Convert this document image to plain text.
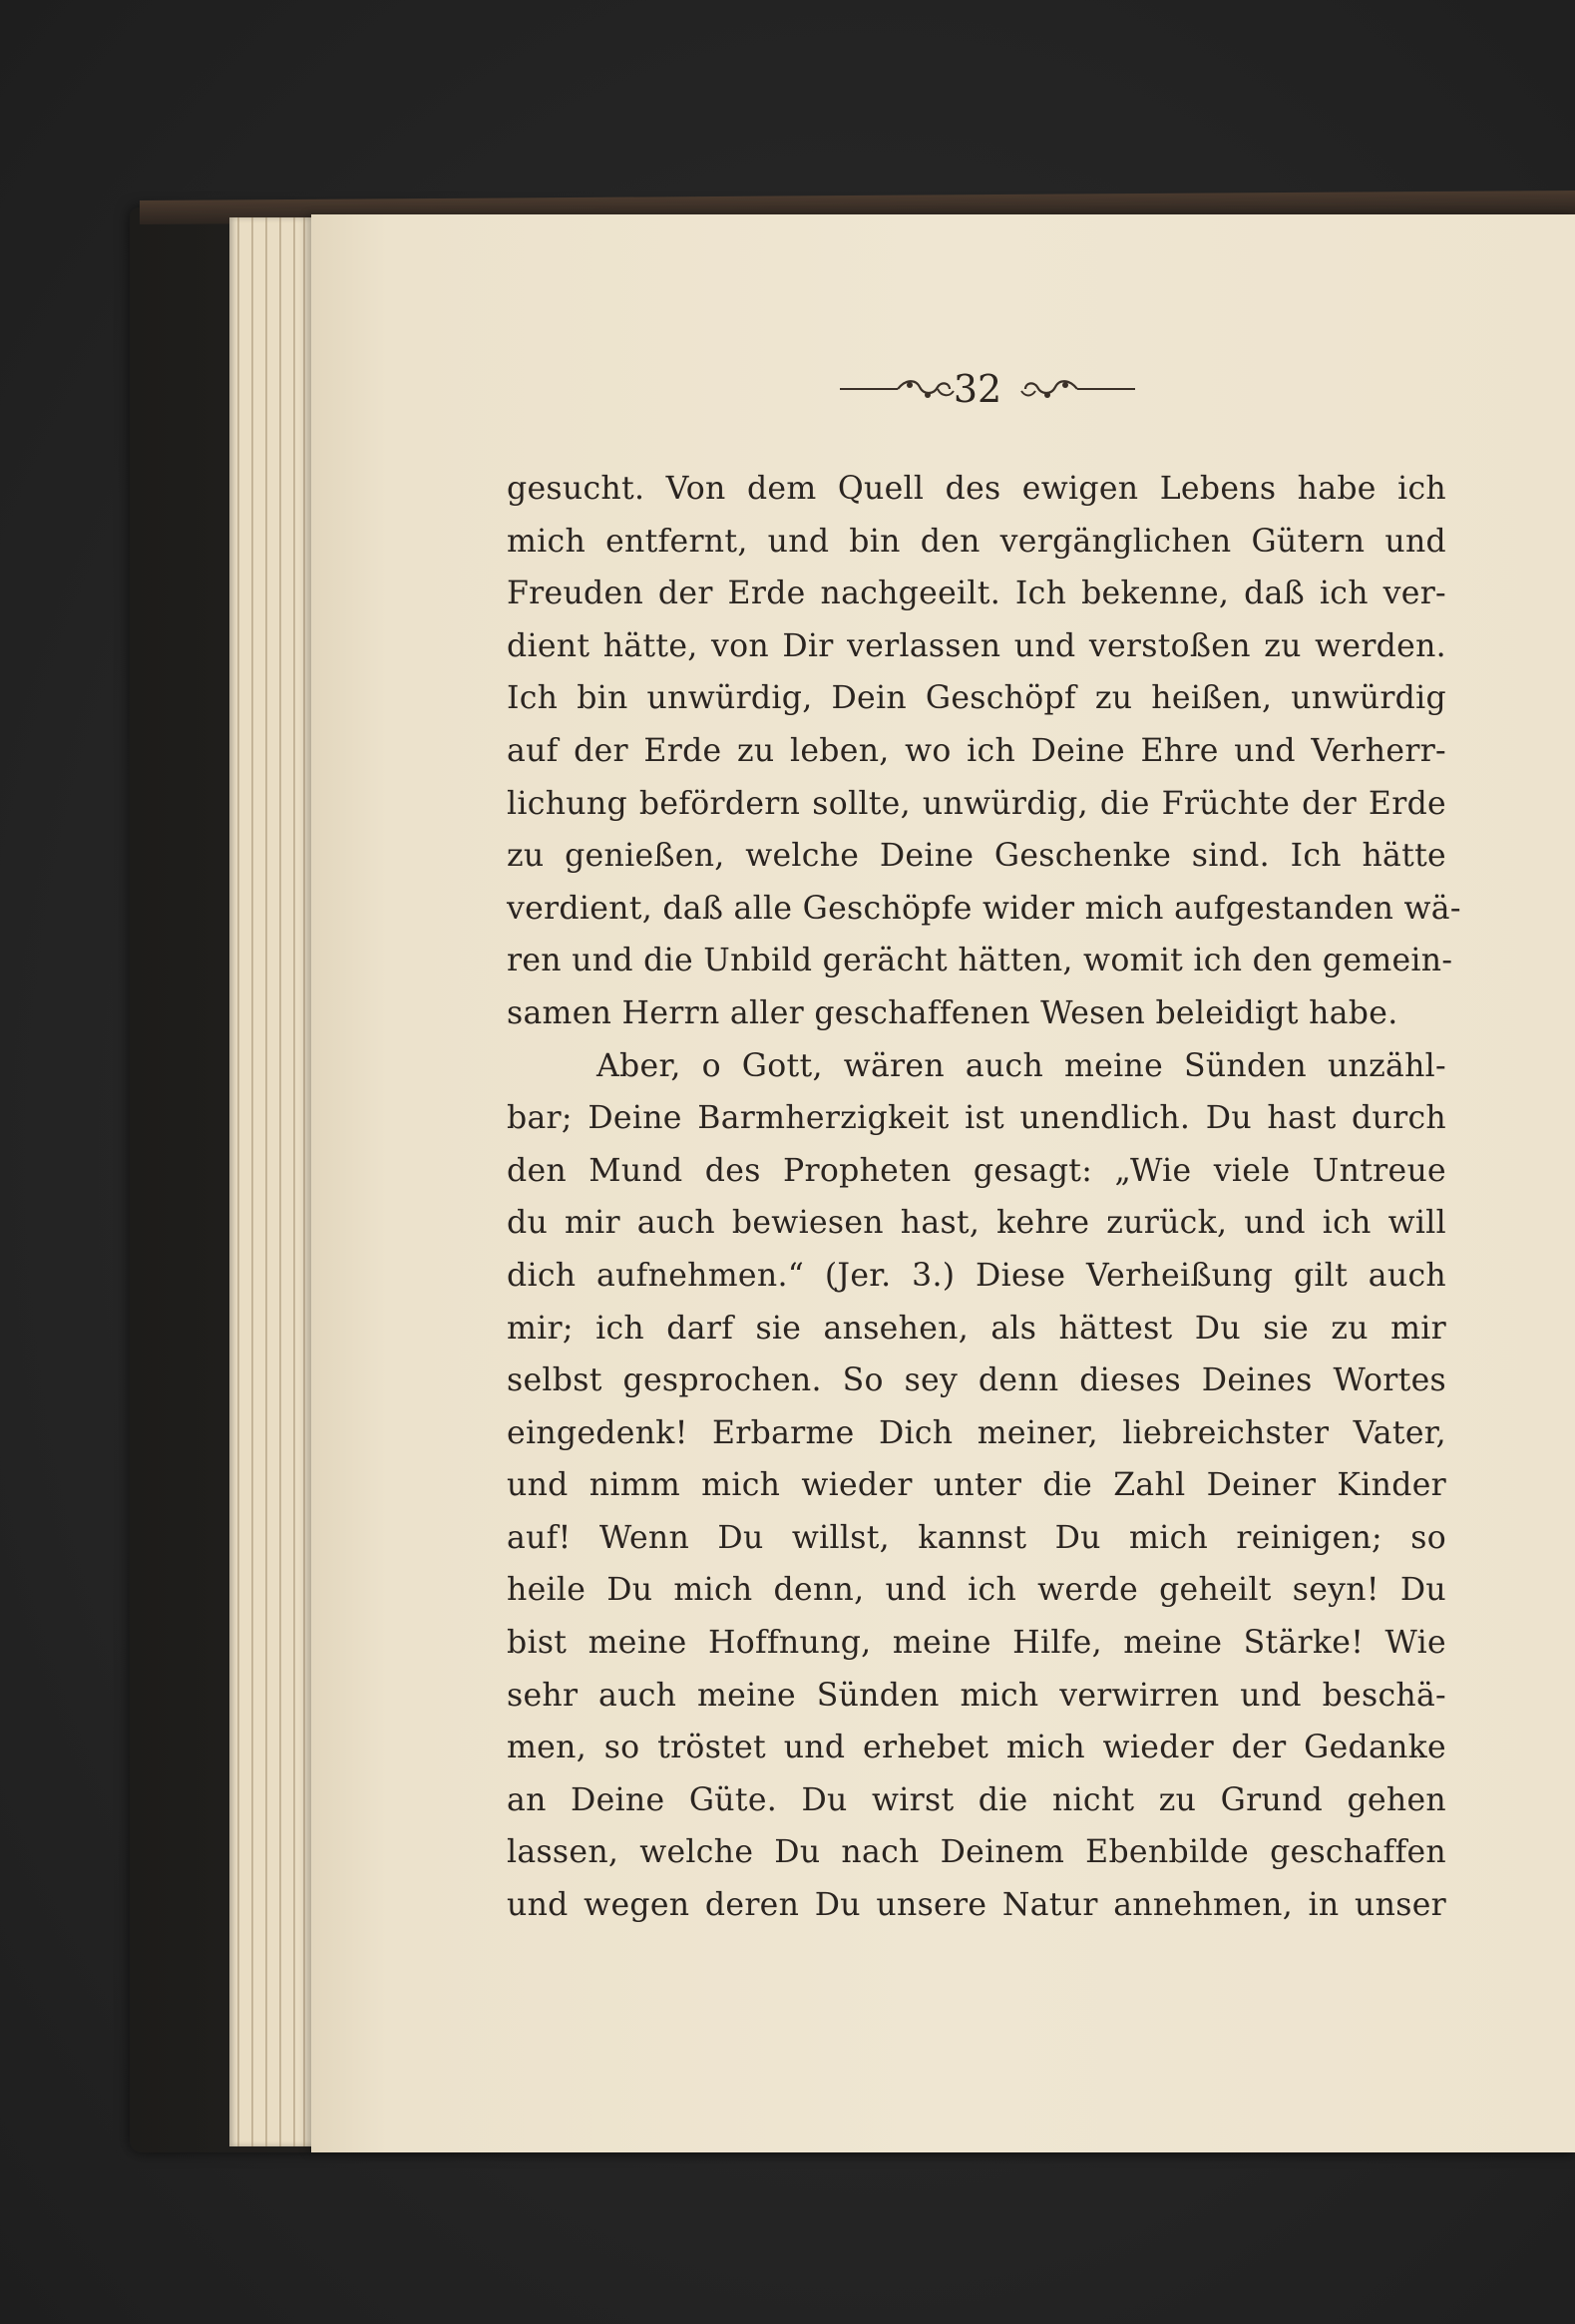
32
gesucht. Von dem Quell des ewigen Lebens habe ich
mich entfernt, und bin den vergänglichen Gütern und
Freuden der Erde nachgeeilt. Ich bekenne, daß ich ver-
dient hätte, von Dir verlassen und verstoßen zu werden.
Ich bin unwürdig, Dein Geschöpf zu heißen, unwürdig
auf der Erde zu leben, wo ich Deine Ehre und Verherr-
lichung befördern sollte, unwürdig, die Früchte der Erde
zu genießen, welche Deine Geschenke sind. Ich hätte
verdient, daß alle Geschöpfe wider mich aufgestanden wä-
ren und die Unbild gerächt hätten, womit ich den gemein-
samen Herrn aller geschaffenen Wesen beleidigt habe.
Aber, o Gott, wären auch meine Sünden unzähl-
bar; Deine Barmherzigkeit ist unendlich. Du hast durch
den Mund des Propheten gesagt: „Wie viele Untreue
du mir auch bewiesen hast, kehre zurück, und ich will
dich aufnehmen.“ (Jer. 3.) Diese Verheißung gilt auch
mir; ich darf sie ansehen, als hättest Du sie zu mir
selbst gesprochen. So sey denn dieses Deines Wortes
eingedenk! Erbarme Dich meiner, liebreichster Vater,
und nimm mich wieder unter die Zahl Deiner Kinder
auf! Wenn Du willst, kannst Du mich reinigen; so
heile Du mich denn, und ich werde geheilt seyn! Du
bist meine Hoffnung, meine Hilfe, meine Stärke! Wie
sehr auch meine Sünden mich verwirren und beschä-
men, so tröstet und erhebet mich wieder der Gedanke
an Deine Güte. Du wirst die nicht zu Grund gehen
lassen, welche Du nach Deinem Ebenbilde geschaffen
und wegen deren Du unsere Natur annehmen, in unser
